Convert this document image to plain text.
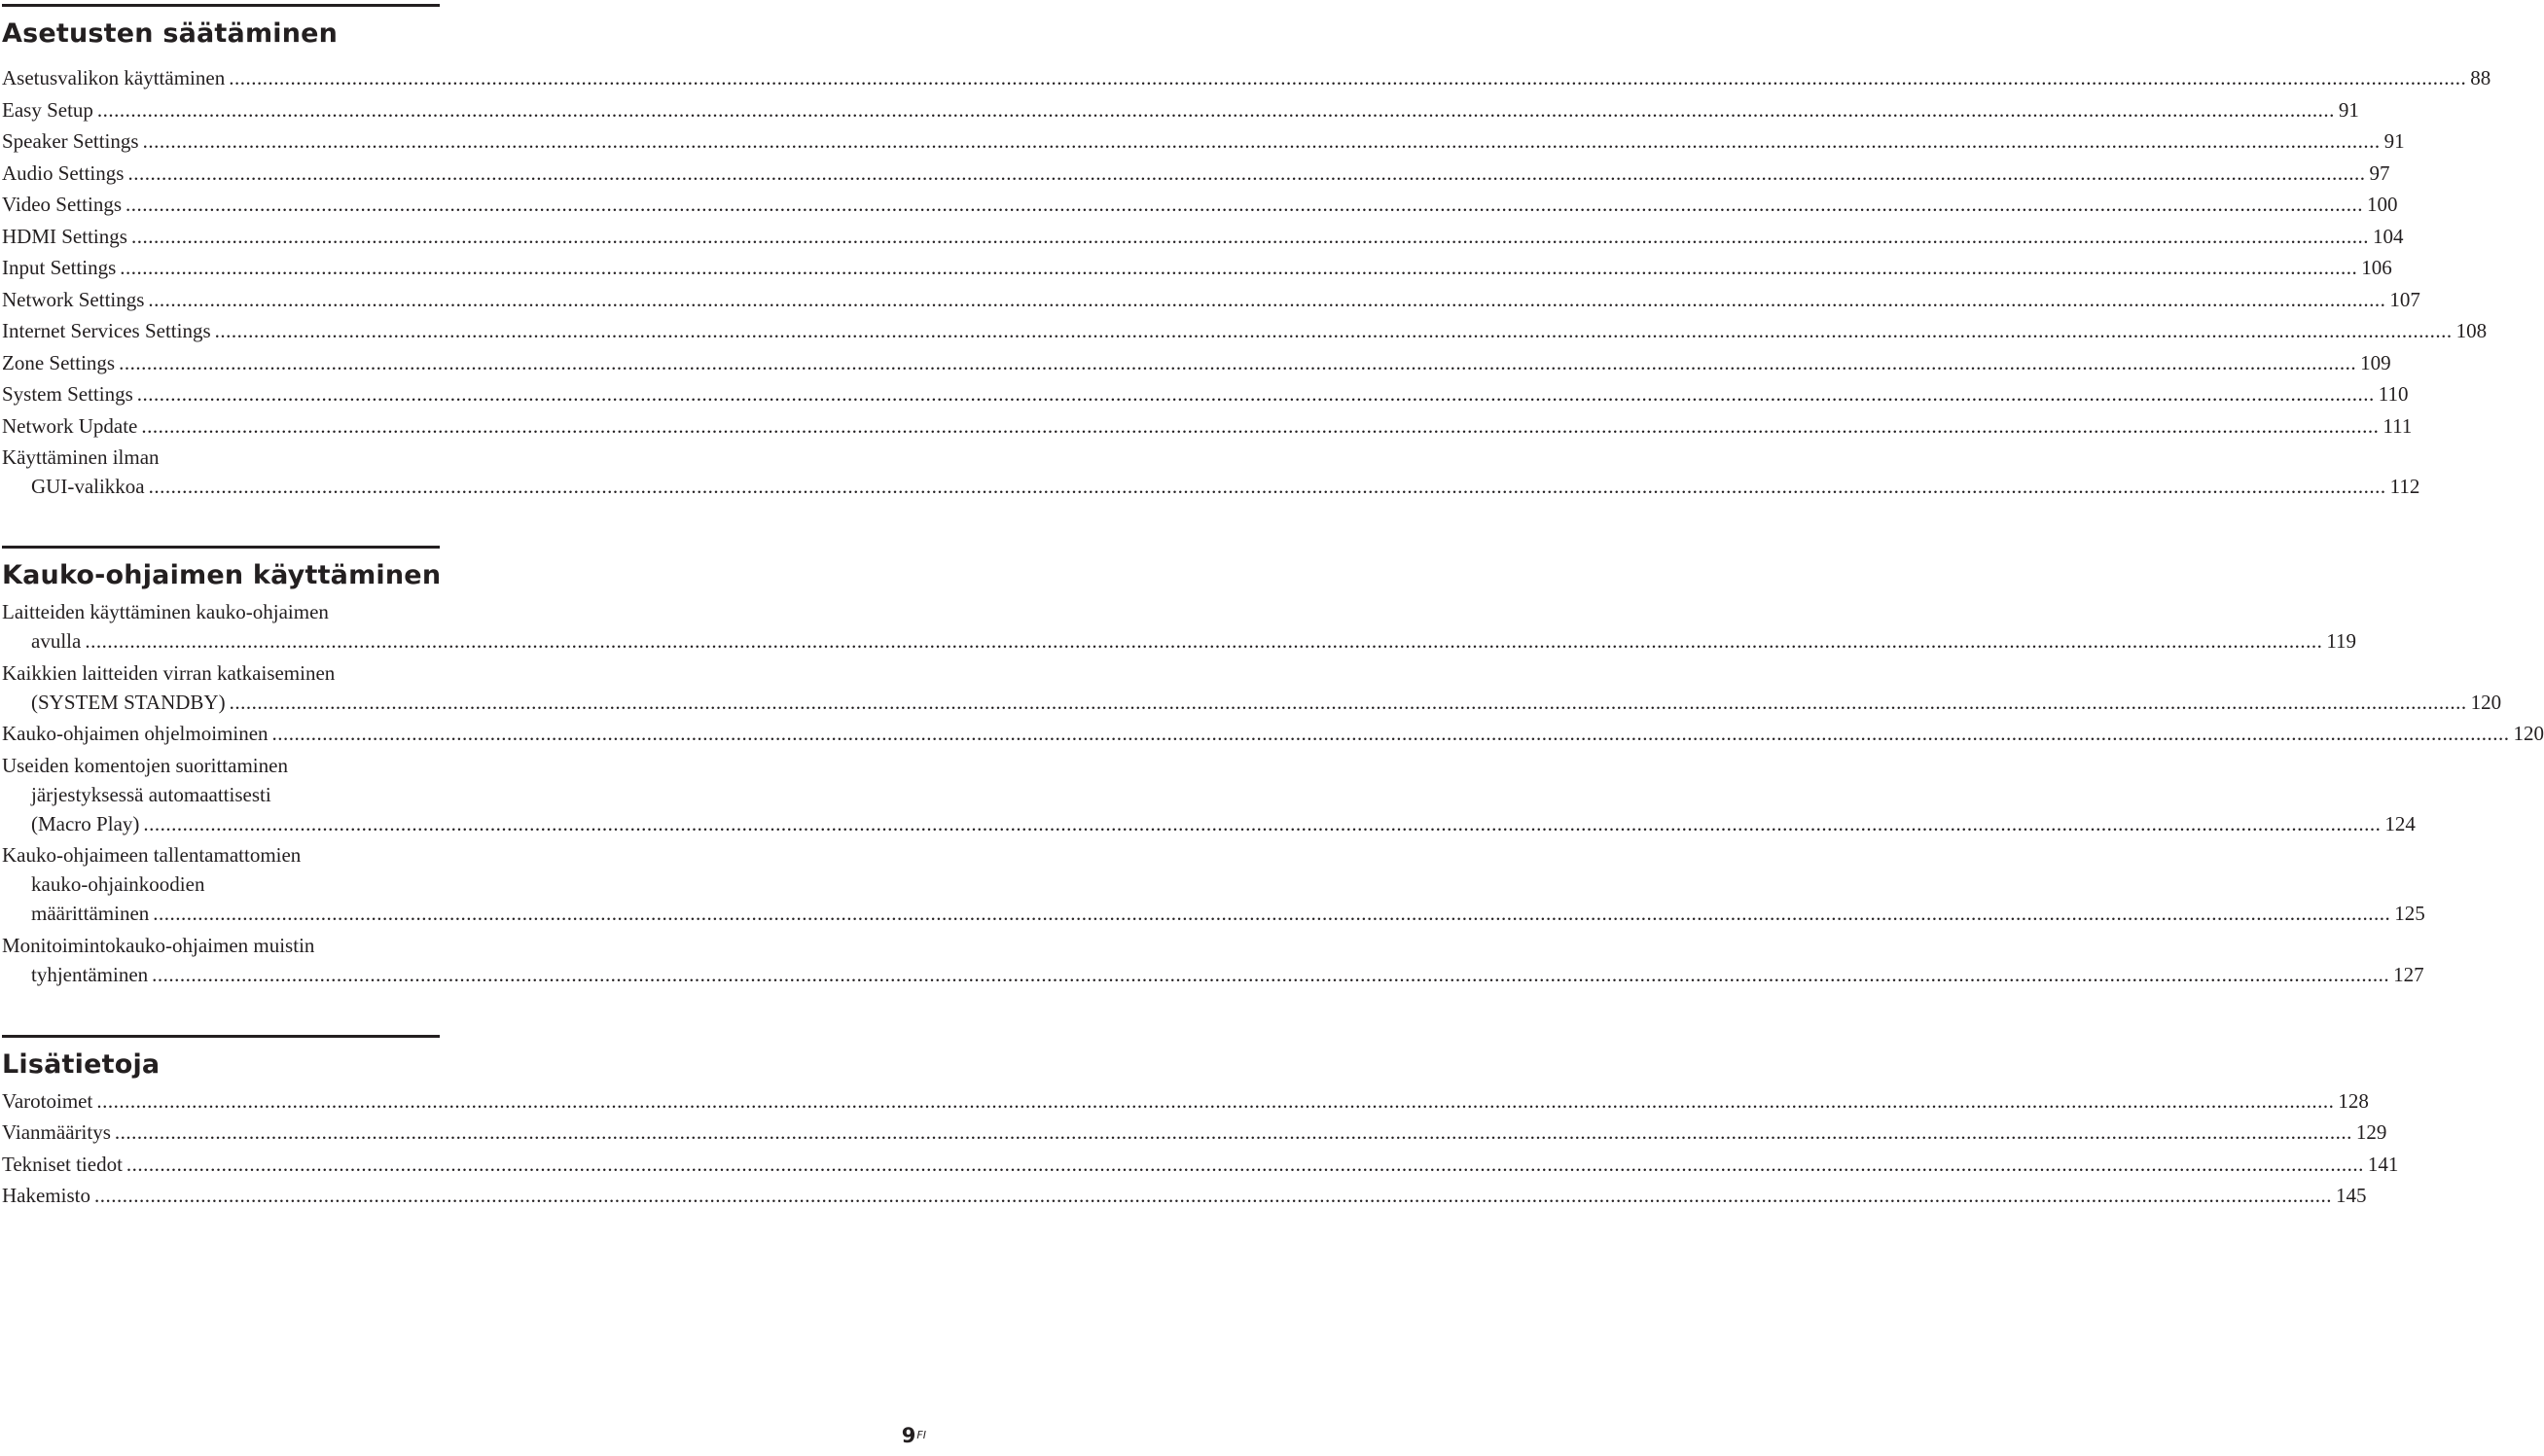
Asetusten säätäminen
Asetusvalikon käyttäminen ................................................................................................................................................................................................................................................................................................................................................................................................................ 88
Easy Setup ................................................................................................................................................................................................................................................................................................................................................................................................................ 91
Speaker Settings ................................................................................................................................................................................................................................................................................................................................................................................................................ 91
Audio Settings ................................................................................................................................................................................................................................................................................................................................................................................................................ 97
Video Settings ................................................................................................................................................................................................................................................................................................................................................................................................................ 100
HDMI Settings ................................................................................................................................................................................................................................................................................................................................................................................................................ 104
Input Settings ................................................................................................................................................................................................................................................................................................................................................................................................................ 106
Network Settings ................................................................................................................................................................................................................................................................................................................................................................................................................ 107
Internet Services Settings ................................................................................................................................................................................................................................................................................................................................................................................................................ 108
Zone Settings ................................................................................................................................................................................................................................................................................................................................................................................................................ 109
System Settings ................................................................................................................................................................................................................................................................................................................................................................................................................ 110
Network Update ................................................................................................................................................................................................................................................................................................................................................................................................................ 111
Käyttäminen ilman
GUI-valikkoa ................................................................................................................................................................................................................................................................................................................................................................................................................ 112
Kauko-ohjaimen käyttäminen
Laitteiden käyttäminen kauko-ohjaimen
avulla ................................................................................................................................................................................................................................................................................................................................................................................................................ 119
Kaikkien laitteiden virran katkaiseminen
(SYSTEM STANDBY) ................................................................................................................................................................................................................................................................................................................................................................................................................ 120
Kauko-ohjaimen ohjelmoiminen ................................................................................................................................................................................................................................................................................................................................................................................................................ 120
Useiden komentojen suorittaminen
järjestyksessä automaattisesti
(Macro Play) ................................................................................................................................................................................................................................................................................................................................................................................................................ 124
Kauko-ohjaimeen tallentamattomien
kauko-ohjainkoodien
määrittäminen ................................................................................................................................................................................................................................................................................................................................................................................................................ 125
Monitoimintokauko-ohjaimen muistin
tyhjentäminen ................................................................................................................................................................................................................................................................................................................................................................................................................ 127
Lisätietoja
Varotoimet ................................................................................................................................................................................................................................................................................................................................................................................................................ 128
Vianmääritys ................................................................................................................................................................................................................................................................................................................................................................................................................ 129
Tekniset tiedot ................................................................................................................................................................................................................................................................................................................................................................................................................ 141
Hakemisto ................................................................................................................................................................................................................................................................................................................................................................................................................ 145
$9^{FI}$
